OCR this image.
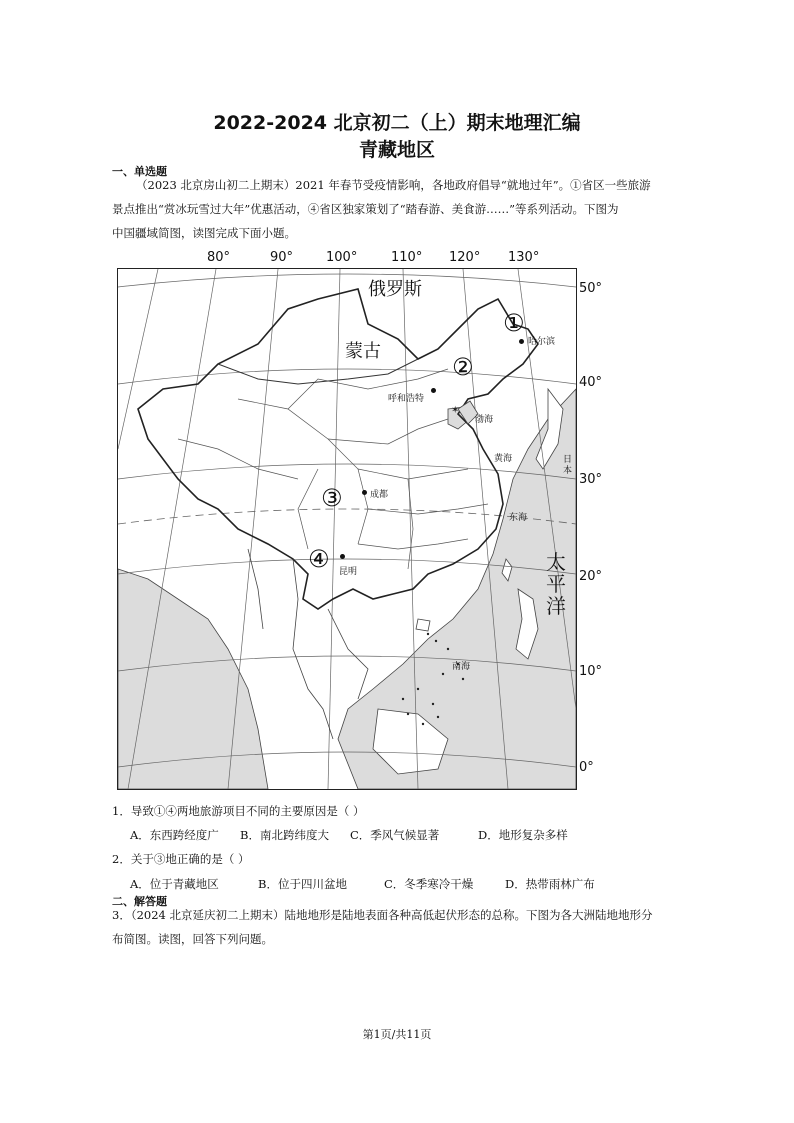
2022-2024 北京初二（上）期末地理汇编
青藏地区
一、单选题
（2023 北京房山初二上期末）2021 年春节受疫情影响，各地政府倡导“就地过年”。①省区一些旅游
景点推出“赏冰玩雪过大年”优惠活动，④省区独家策划了“踏春游、美食游……”等系列活动。下图为
中国疆域简图，读图完成下面小题。
80°	90°	100°	110° 120° 130°
50°
40°
30°
20°
10°
0°
✶
俄罗斯
蒙古
①
②
③
④
哈尔滨
呼和浩特
成都
昆明
渤海
黄海
东海
南海
日
本
太
平
洋
1．导致①④两地旅游项目不同的主要原因是（ ）
A．东西跨经度广 B．南北跨纬度大 C．季风气候显著	D．地形复杂多样
2．关于③地正确的是（ ）
A．位于青藏地区	B．位于四川盆地	C．冬季寒冷干燥	D．热带雨林广布
二、解答题
3．（2024 北京延庆初二上期末）陆地地形是陆地表面各种高低起伏形态的总称。下图为各大洲陆地地形分
布简图。读图，回答下列问题。
第1页/共11页
